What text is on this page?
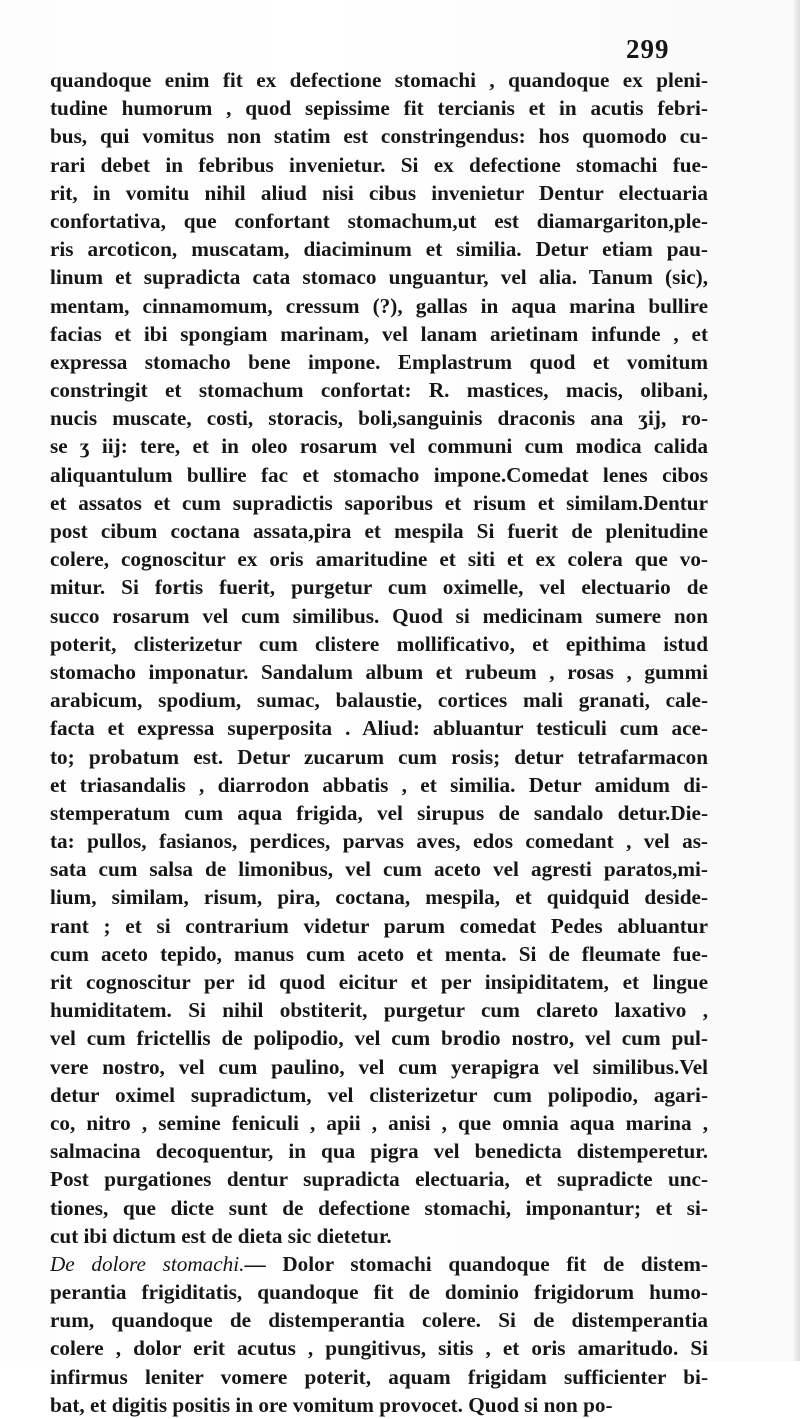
299
quandoque enim fit ex defectione stomachi , quandoque ex pleni-
tudine humorum , quod sepissime fit tercianis et in acutis febri-
bus, qui vomitus non statim est constringendus: hos quomodo cu-
rari debet in febribus invenietur. Si ex defectione stomachi fue-
rit, in vomitu nihil aliud nisi cibus invenietur Dentur electuaria
confortativa, que confortant stomachum,ut est diamargariton,ple-
ris arcoticon, muscatam, diaciminum et similia. Detur etiam pau-
linum et supradicta cata stomaco unguantur, vel alia. Tanum (sic),
mentam, cinnamomum, cressum (?), gallas in aqua marina bullire
facias et ibi spongiam marinam, vel lanam arietinam infunde , et
expressa stomacho bene impone. Emplastrum quod et vomitum
constringit et stomachum confortat: R. mastices, macis, olibani,
nucis muscate, costi, storacis, boli,sanguinis draconis ana ʒij, ro-
se ʒ iij: tere, et in oleo rosarum vel communi cum modica calida
aliquantulum bullire fac et stomacho impone.Comedat lenes cibos
et assatos et cum supradictis saporibus et risum et similam.Dentur
post cibum coctana assata,pira et mespila Si fuerit de plenitudine
colere, cognoscitur ex oris amaritudine et siti et ex colera que vo-
mitur. Si fortis fuerit, purgetur cum oximelle, vel electuario de
succo rosarum vel cum similibus. Quod si medicinam sumere non
poterit, clisterizetur cum clistere mollificativo, et epithima istud
stomacho imponatur. Sandalum album et rubeum , rosas , gummi
arabicum, spodium, sumac, balaustie, cortices mali granati, cale-
facta et expressa superposita . Aliud: abluantur testiculi cum ace-
to; probatum est. Detur zucarum cum rosis; detur tetrafarmacon
et triasandalis , diarrodon abbatis , et similia. Detur amidum di-
stemperatum cum aqua frigida, vel sirupus de sandalo detur.Die-
ta: pullos, fasianos, perdices, parvas aves, edos comedant , vel as-
sata cum salsa de limonibus, vel cum aceto vel agresti paratos,mi-
lium, similam, risum, pira, coctana, mespila, et quidquid deside-
rant ; et si contrarium videtur parum comedat Pedes abluantur
cum aceto tepido, manus cum aceto et menta. Si de fleumate fue-
rit cognoscitur per id quod eicitur et per insipiditatem, et lingue
humiditatem. Si nihil obstiterit, purgetur cum clareto laxativo ,
vel cum frictellis de polipodio, vel cum brodio nostro, vel cum pul-
vere nostro, vel cum paulino, vel cum yerapigra vel similibus.Vel
detur oximel supradictum, vel clisterizetur cum polipodio, agari-
co, nitro , semine feniculi , apii , anisi , que omnia aqua marina ,
salmacina decoquentur, in qua pigra vel benedicta distemperetur.
Post purgationes dentur supradicta electuaria, et supradicte unc-
tiones, que dicte sunt de defectione stomachi, imponantur; et si-
cut ibi dictum est de dieta sic dietetur.
De dolore stomachi.— Dolor stomachi quandoque fit de distem-
perantia frigiditatis, quandoque fit de dominio frigidorum humo-
rum, quandoque de distemperantia colere. Si de distemperantia
colere , dolor erit acutus , pungitivus, sitis , et oris amaritudo. Si
infirmus leniter vomere poterit, aquam frigidam sufficienter bi-
bat, et digitis positis in ore vomitum provocet. Quod si non po-
